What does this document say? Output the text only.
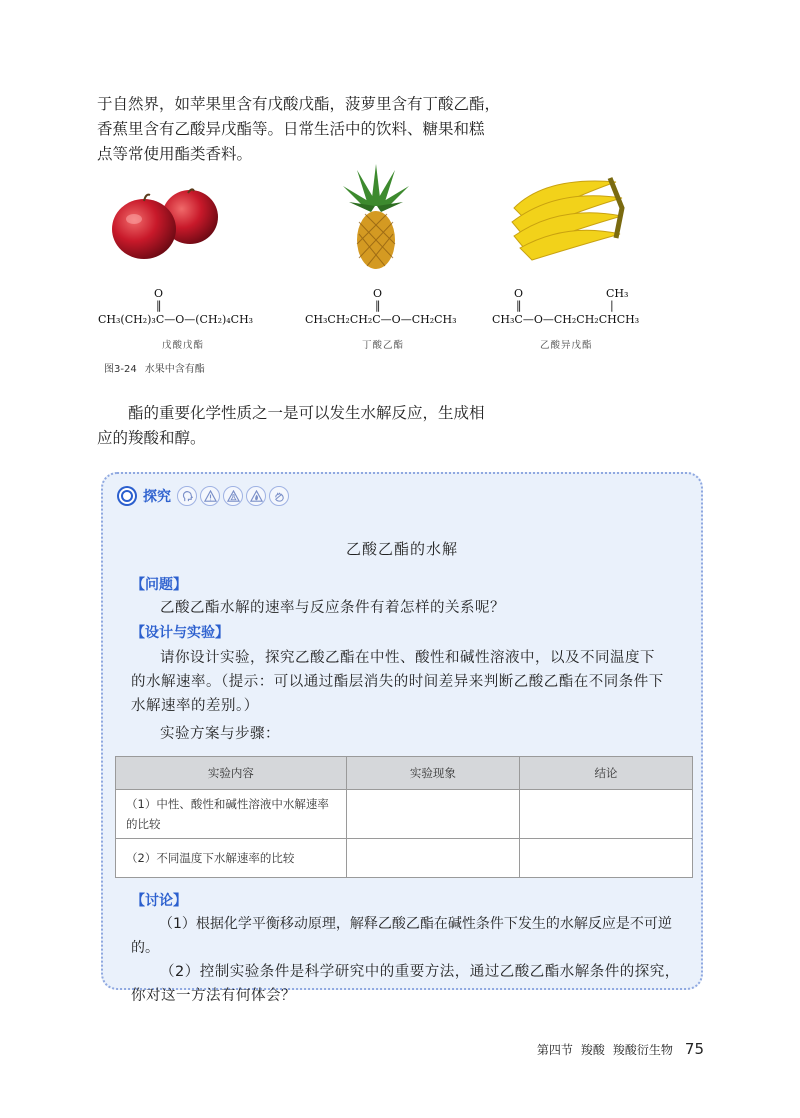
于自然界，如苹果里含有戊酸戊酯，菠萝里含有丁酸乙酯，

香蕉里含有乙酸异戊酯等。日常生活中的饮料、糖果和糕

点等常使用酯类香料。

O
‖
CH₃(CH₂)₃C—O—(CH₂)₄CH₃
戊酸戊酯
O
‖
CH₃CH₂CH₂C—O—CH₂CH₃
丁酸乙酯
O
‖
CH₃
|
CH₃C—O—CH₂CH₂CHCH₃
乙酸异戊酯
图3-24 水果中含有酯

酯的重要化学性质之一是可以发生水解反应，生成相

应的羧酸和醇。

探究
乙酸乙酯的水解
【问题】
乙酸乙酯水解的速率与反应条件有着怎样的关系呢？
【设计与实验】
请你设计实验，探究乙酸乙酯在中性、酸性和碱性溶液中，以及不同温度下
的水解速率。（提示：可以通过酯层消失的时间差异来判断乙酸乙酯在不同条件下
水解速率的差别。）
实验方案与步骤：
实验内容	实验现象	结论
（1）中性、酸性和碱性溶液中水解速率的比较		
（2）不同温度下水解速率的比较		
【讨论】
（1）根据化学平衡移动原理，解释乙酸乙酯在碱性条件下发生的水解反应是不可逆的。
（2）控制实验条件是科学研究中的重要方法，通过乙酸乙酯水解条件的探究，
你对这一方法有何体会？
第四节 羧酸 羧酸衍生物 75
